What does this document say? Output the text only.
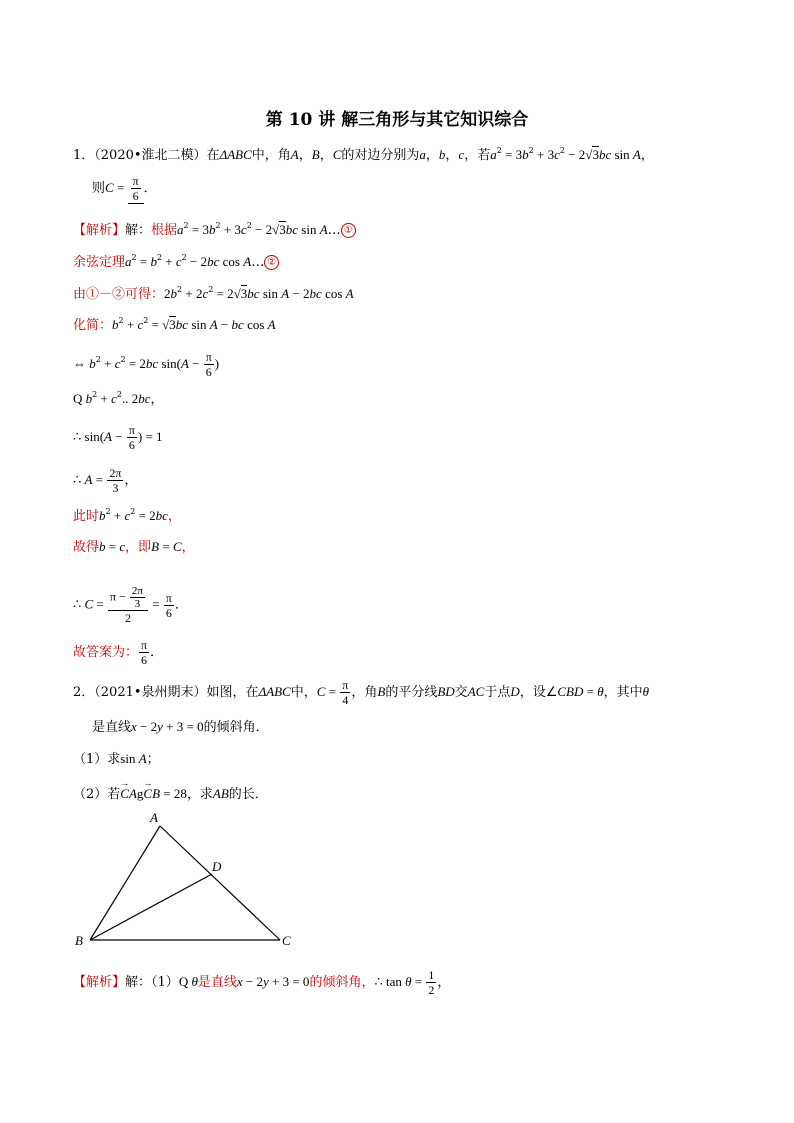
第 10 讲 解三角形与其它知识综合
1．（2020•淮北二模）在ΔABC中，角A，B，C的对边分别为a，b，c，若$a^2 = 3b^2 + 3c^2 - 2√3bc$ sin A，
则$C = \frac{\pi}{6}$ ．
【解析】解：根据$a^2 = 3b^2 + 3c^2 - 2√3bc$ sin A… ①
余弦定理$a^2 = b^2 + c^2 - 2bc$ cos A… ②
由①－②可得：$2b^2 + 2c^2 = 2√3bc$ sin A − 2bc cos A
化简：$b^2 + c^2 = √3bc$ sin A − bc cos A
⇔ $b^2 + c^2 = 2bc$ $\sin(A - \frac{\pi}{6}$ )
Q $b^2 + c^2$.. 2bc，
∴ $\sin(A - \frac{\pi}{6}$ ) = 1
∴ $A = \frac{2\pi}{3}$ ，
此时$b^2 + c^2 = 2bc$，
故得b = c，即B = C，
∴ $C = \frac{\pi - \frac{2\pi}{3}}{2} = \frac{\pi}{6}$ ．
故答案为： $\frac{\pi}{6}$ ．
2．（2021•泉州期末）如图，在ΔABC中，$C = \frac{\pi}{4}$ ，角B的平分线BD交AC于点D，设∠CBD = θ，其中θ
是直线x − 2y + 3 = 0的倾斜角．
（1）求sin A；
（2）若→ CAg→ CB = 28，求AB的长．
A
B	C
D
【解析】解：（1）Q θ是直线x − 2y + 3 = 0的倾斜角，∴ $\tan \theta = \frac{1}{2}$ ，
